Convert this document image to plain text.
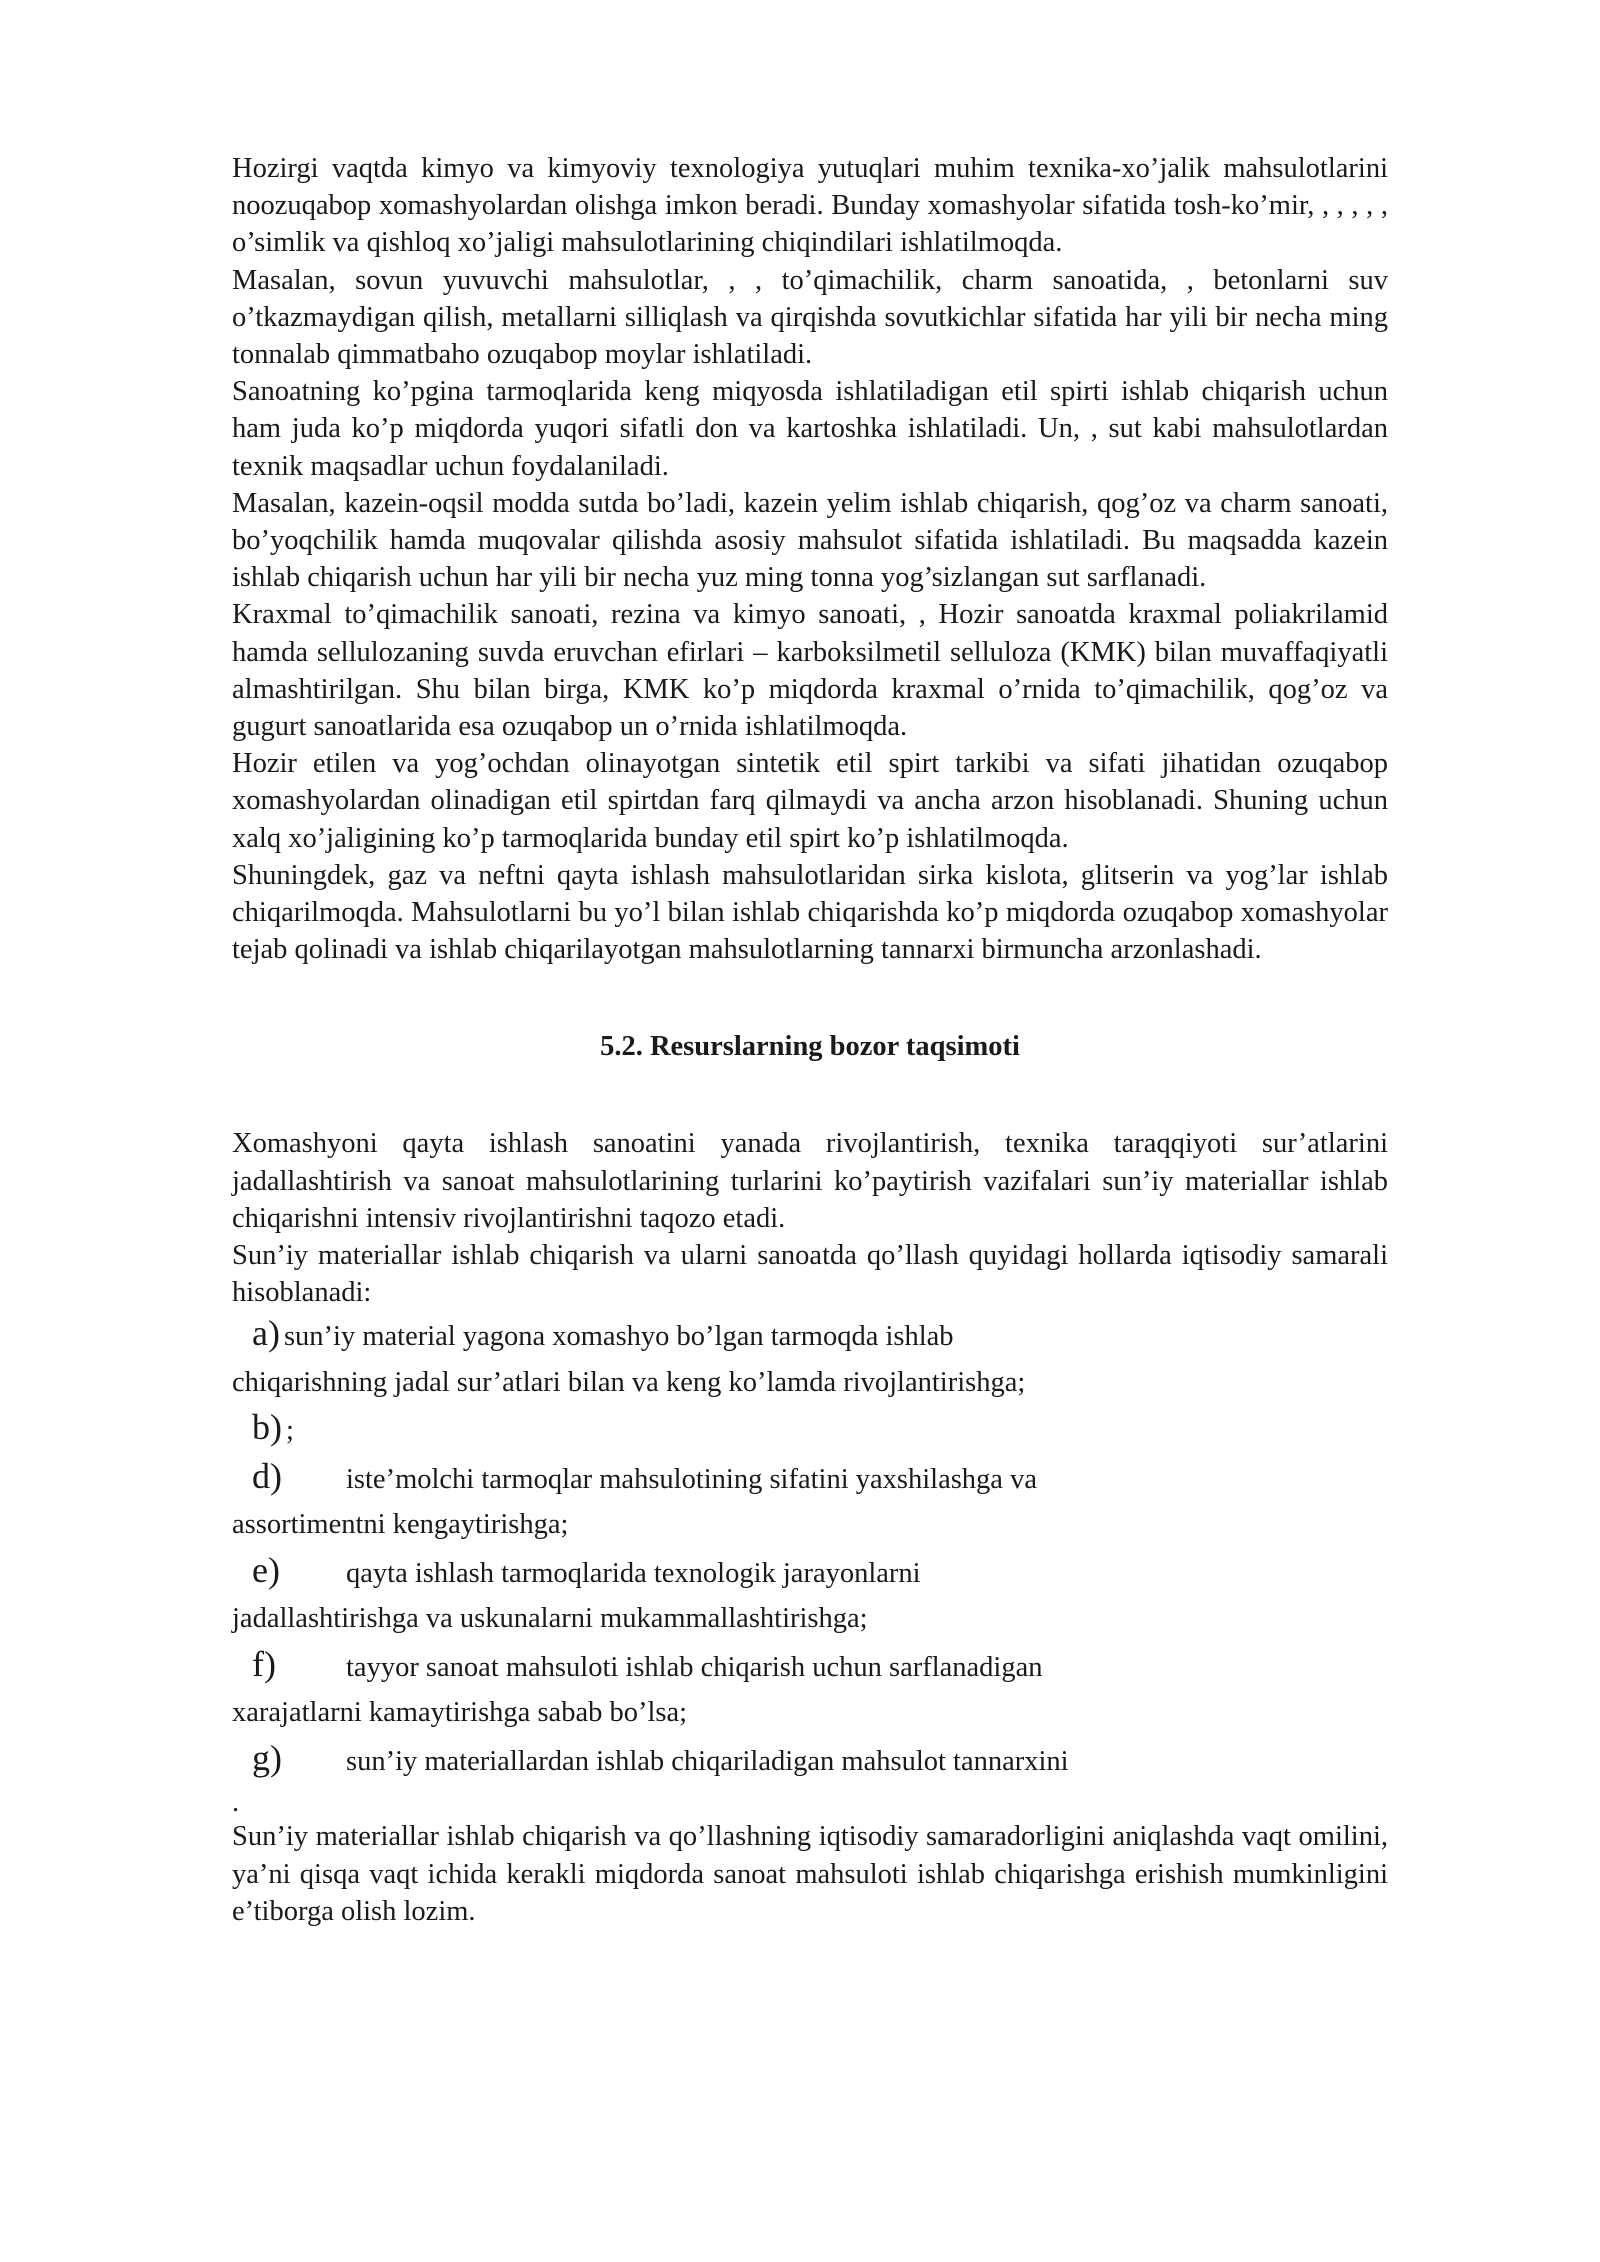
Hozirgi vaqtda kimyo va kimyoviy texnologiya yutuqlari muhim texnika-xo’jalik mahsulotlarini noozuqabop xomashyolardan olishga imkon beradi. Bunday xomashyolar sifatida tosh-ko’mir, , , , , , o’simlik va qishloq xo’jaligi mahsulotlarining chiqindilari ishlatilmoqda.

Masalan, sovun yuvuvchi mahsulotlar, , , to’qimachilik, charm sanoatida, , betonlarni suv o’tkazmaydigan qilish, metallarni silliqlash va qirqishda sovutkichlar sifatida har yili bir necha ming tonnalab qimmatbaho ozuqabop moylar ishlatiladi.

Sanoatning ko’pgina tarmoqlarida keng miqyosda ishlatiladigan etil spirti ishlab chiqarish uchun ham juda ko’p miqdorda yuqori sifatli don va kartoshka ishlatiladi. Un, , sut kabi mahsulotlardan texnik maqsadlar uchun foydalaniladi.

Masalan, kazein-oqsil modda sutda bo’ladi, kazein yelim ishlab chiqarish, qog’oz va charm sanoati, bo’yoqchilik hamda muqovalar qilishda asosiy mahsulot sifatida ishlatiladi. Bu maqsadda kazein ishlab chiqarish uchun har yili bir necha yuz ming tonna yog’sizlangan sut sarflanadi.

Kraxmal to’qimachilik sanoati, rezina va kimyo sanoati, , Hozir sanoatda kraxmal poliakrilamid hamda sellulozaning suvda eruvchan efirlari – karboksilmetil selluloza (KMK) bilan muvaffaqiyatli almashtirilgan. Shu bilan birga, KMK ko’p miqdorda kraxmal o’rnida to’qimachilik, qog’oz va gugurt sanoatlarida esa ozuqabop un o’rnida ishlatilmoqda.

Hozir etilen va yog’ochdan olinayotgan sintetik etil spirt tarkibi va sifati jihatidan ozuqabop xomashyolardan olinadigan etil spirtdan farq qilmaydi va ancha arzon hisoblanadi. Shuning uchun xalq xo’jaligining ko’p tarmoqlarida bunday etil spirt ko’p ishlatilmoqda.

Shuningdek, gaz va neftni qayta ishlash mahsulotlaridan sirka kislota, glitserin va yog’lar ishlab chiqarilmoqda. Mahsulotlarni bu yo’l bilan ishlab chiqarishda ko’p miqdorda ozuqabop xomashyolar tejab qolinadi va ishlab chiqarilayotgan mahsulotlarning tannarxi birmuncha arzonlashadi.

5.2. Resurslarning bozor taqsimoti

Xomashyoni qayta ishlash sanoatini yanada rivojlantirish, texnika taraqqiyoti sur’atlarini jadallashtirish va sanoat mahsulotlarining turlarini ko’paytirish vazifalari sun’iy materiallar ishlab chiqarishni intensiv rivojlantirishni taqozo etadi.

Sun’iy materiallar ishlab chiqarish va ularni sanoatda qo’llash quyidagi hollarda iqtisodiy samarali hisoblanadi:

a) sun’iy material yagona xomashyo bo’lgan tarmoqda ishlab
chiqarishning jadal sur’atlari bilan va keng ko’lamda rivojlantirishga;
b) ;
d) iste’molchi tarmoqlar mahsulotining sifatini yaxshilashga va
assortimentni kengaytirishga;
e) qayta ishlash tarmoqlarida texnologik jarayonlarni
jadallashtirishga va uskunalarni mukammallashtirishga;
f) tayyor sanoat mahsuloti ishlab chiqarish uchun sarflanadigan
xarajatlarni kamaytirishga sabab bo’lsa;
g) sun’iy materiallardan ishlab chiqariladigan mahsulot tannarxini

.

Sun’iy materiallar ishlab chiqarish va qo’llashning iqtisodiy samaradorligini aniqlashda vaqt omilini, ya’ni qisqa vaqt ichida kerakli miqdorda sanoat mahsuloti ishlab chiqarishga erishish mumkinligini e’tiborga olish lozim.
